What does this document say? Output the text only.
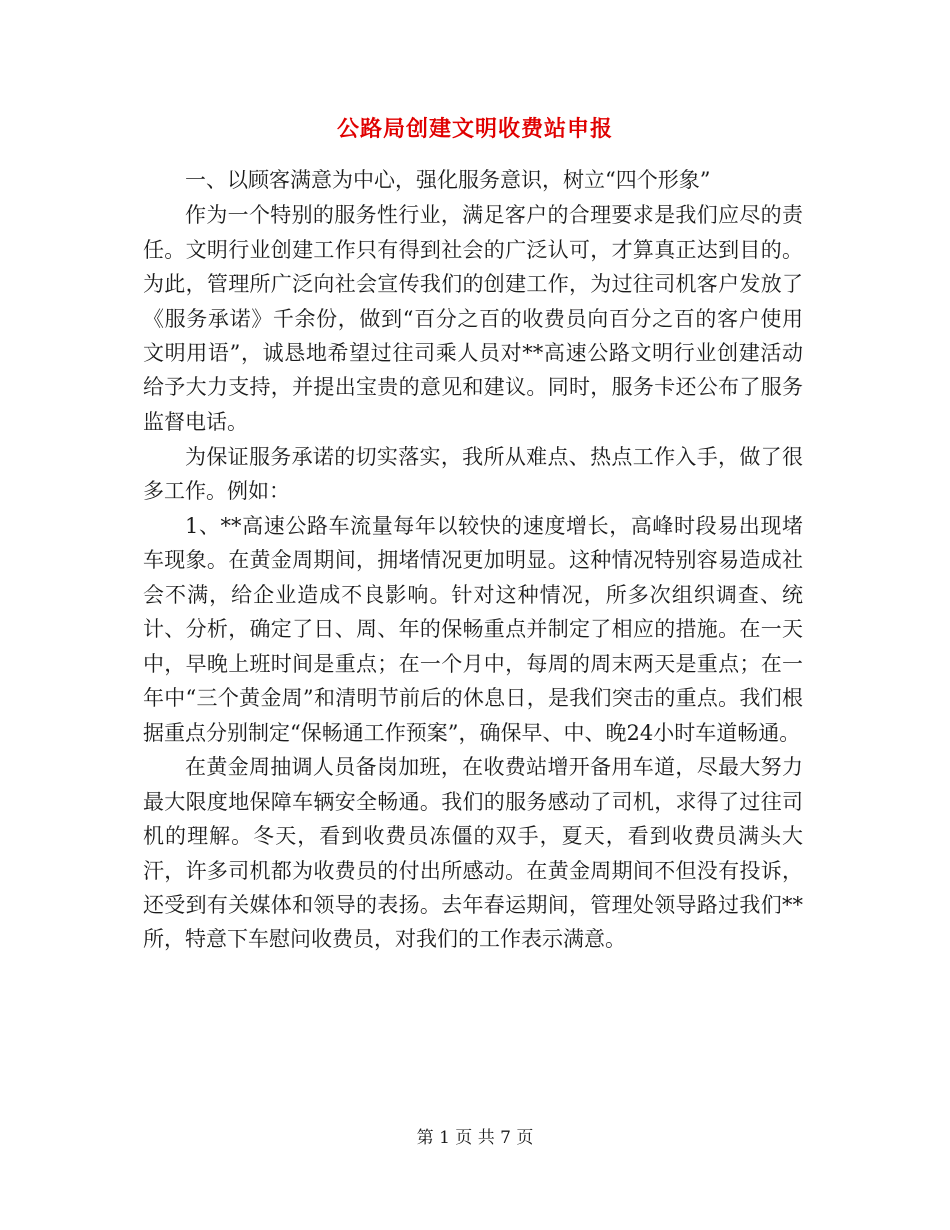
公路局创建文明收费站申报

一、以顾客满意为中心，强化服务意识，树立“四个形象”

作为一个特别的服务性行业，满足客户的合理要求是我们应尽的责任。文明行业创建工作只有得到社会的广泛认可，才算真正达到目的。为此，管理所广泛向社会宣传我们的创建工作，为过往司机客户发放了《服务承诺》千余份，做到“百分之百的收费员向百分之百的客户使用文明用语”，诚恳地希望过往司乘人员对**高速公路文明行业创建活动给予大力支持，并提出宝贵的意见和建议。同时，服务卡还公布了服务监督电话。

为保证服务承诺的切实落实，我所从难点、热点工作入手，做了很多工作。例如：

1、**高速公路车流量每年以较快的速度增长，高峰时段易出现堵车现象。在黄金周期间，拥堵情况更加明显。这种情况特别容易造成社会不满，给企业造成不良影响。针对这种情况，所多次组织调查、统计、分析，确定了日、周、年的保畅重点并制定了相应的措施。在一天中，早晚上班时间是重点；在一个月中，每周的周末两天是重点；在一年中“三个黄金周”和清明节前后的休息日，是我们突击的重点。我们根据重点分别制定“保畅通工作预案”，确保早、中、晚24小时车道畅通。

在黄金周抽调人员备岗加班，在收费站增开备用车道，尽最大努力最大限度地保障车辆安全畅通。我们的服务感动了司机，求得了过往司机的理解。冬天，看到收费员冻僵的双手，夏天，看到收费员满头大汗，许多司机都为收费员的付出所感动。在黄金周期间不但没有投诉，还受到有关媒体和领导的表扬。去年春运期间，管理处领导路过我们**所，特意下车慰问收费员，对我们的工作表示满意。

第 1 页 共 7 页
